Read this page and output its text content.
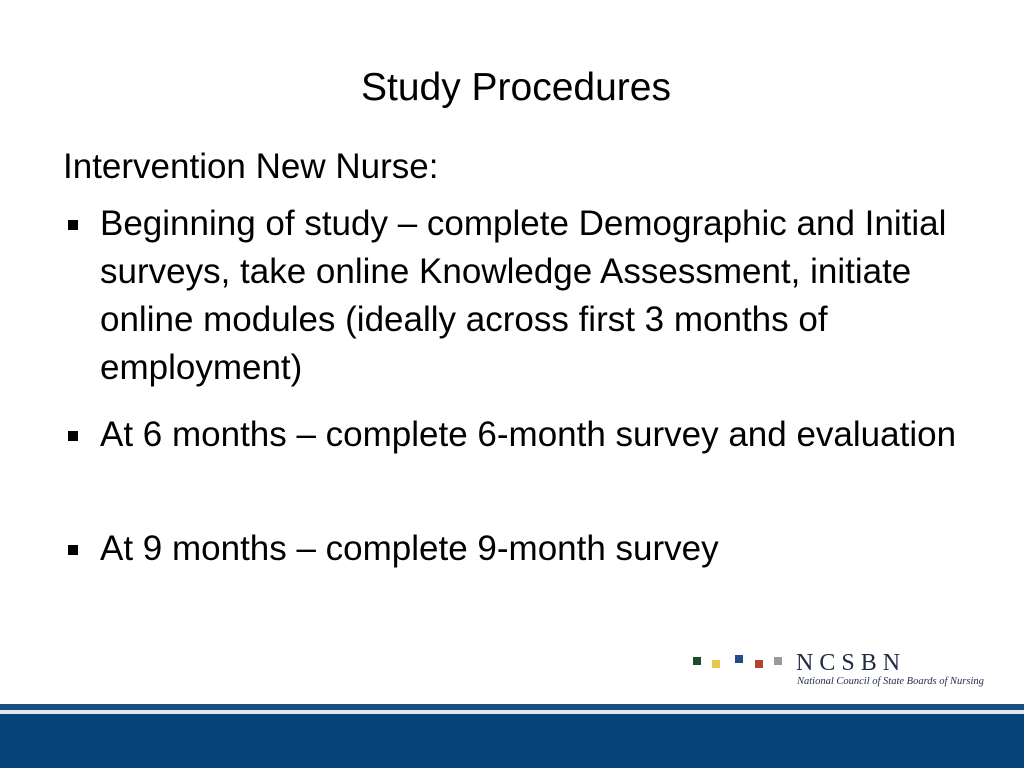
Study Procedures

Intervention New Nurse:

Beginning of study – complete Demographic and Initial surveys, take online Knowledge Assessment, initiate online modules (ideally across first 3 months of employment)
At 6 months – complete 6-month survey and evaluation
At 9 months – complete 9-month survey

NCSBN

National Council of State Boards of Nursing
